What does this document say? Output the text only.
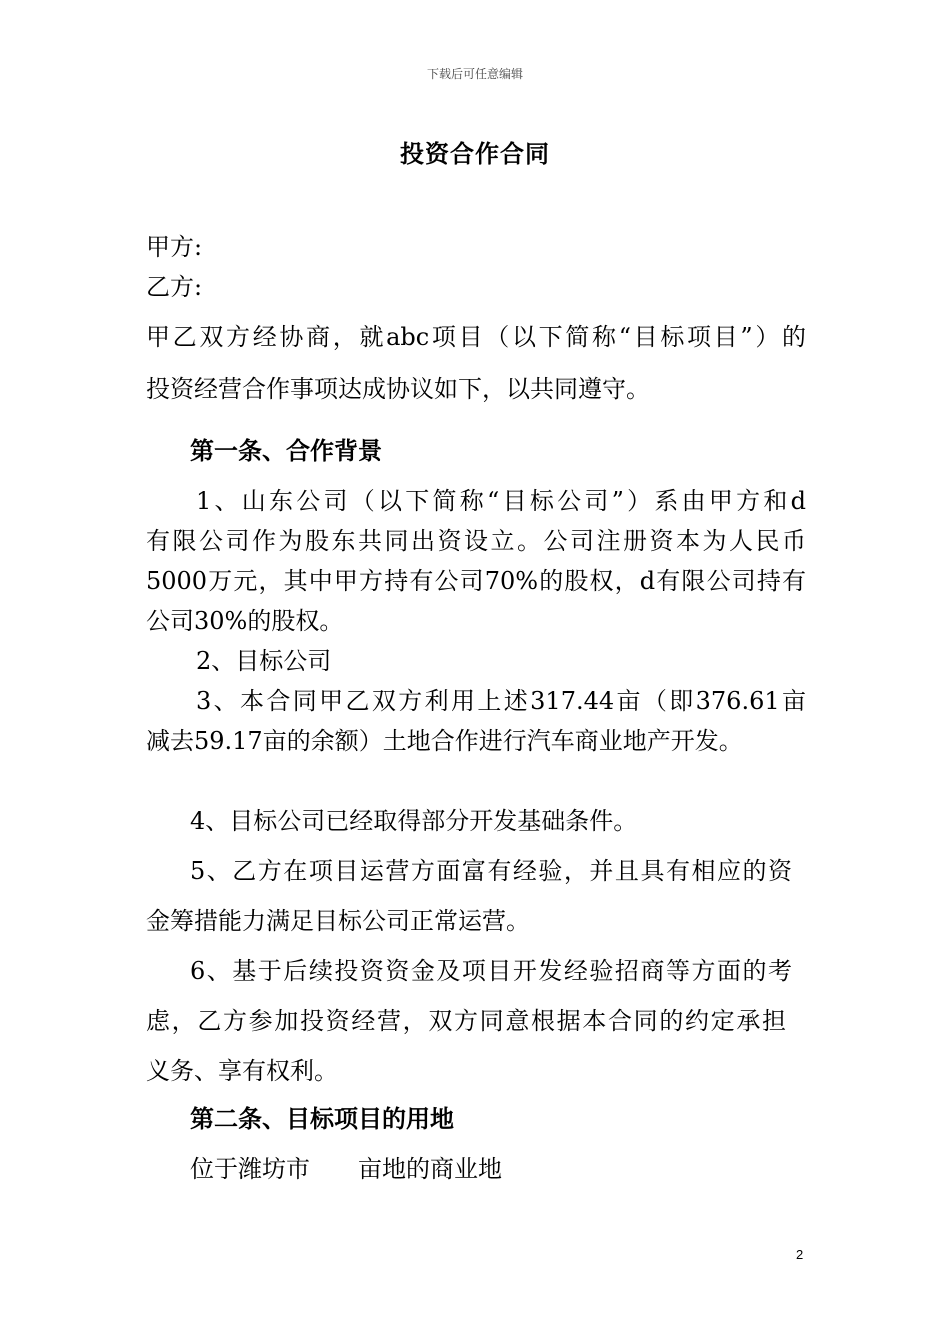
下载后可任意编辑
投资合作合同
甲方:
乙方:
甲乙双方经协商，就abc项目（以下简称“目标项目”）的
投资经营合作事项达成协议如下，以共同遵守。
第一条、合作背景
1、山东公司（以下简称“目标公司”）系由甲方和d
有限公司作为股东共同出资设立。公司注册资本为人民币
5000万元，其中甲方持有公司70%的股权，d有限公司持有
公司30%的股权。
2、目标公司
3、本合同甲乙双方利用上述317.44亩（即376.61亩
减去59.17亩的余额）土地合作进行汽车商业地产开发。
4、目标公司已经取得部分开发基础条件。
5、乙方在项目运营方面富有经验，并且具有相应的资
金筹措能力满足目标公司正常运营。
6、基于后续投资资金及项目开发经验招商等方面的考
虑，乙方参加投资经营，双方同意根据本合同的约定承担
义务、享有权利。
第二条、目标项目的用地
位于潍坊市　　亩地的商业地
2
